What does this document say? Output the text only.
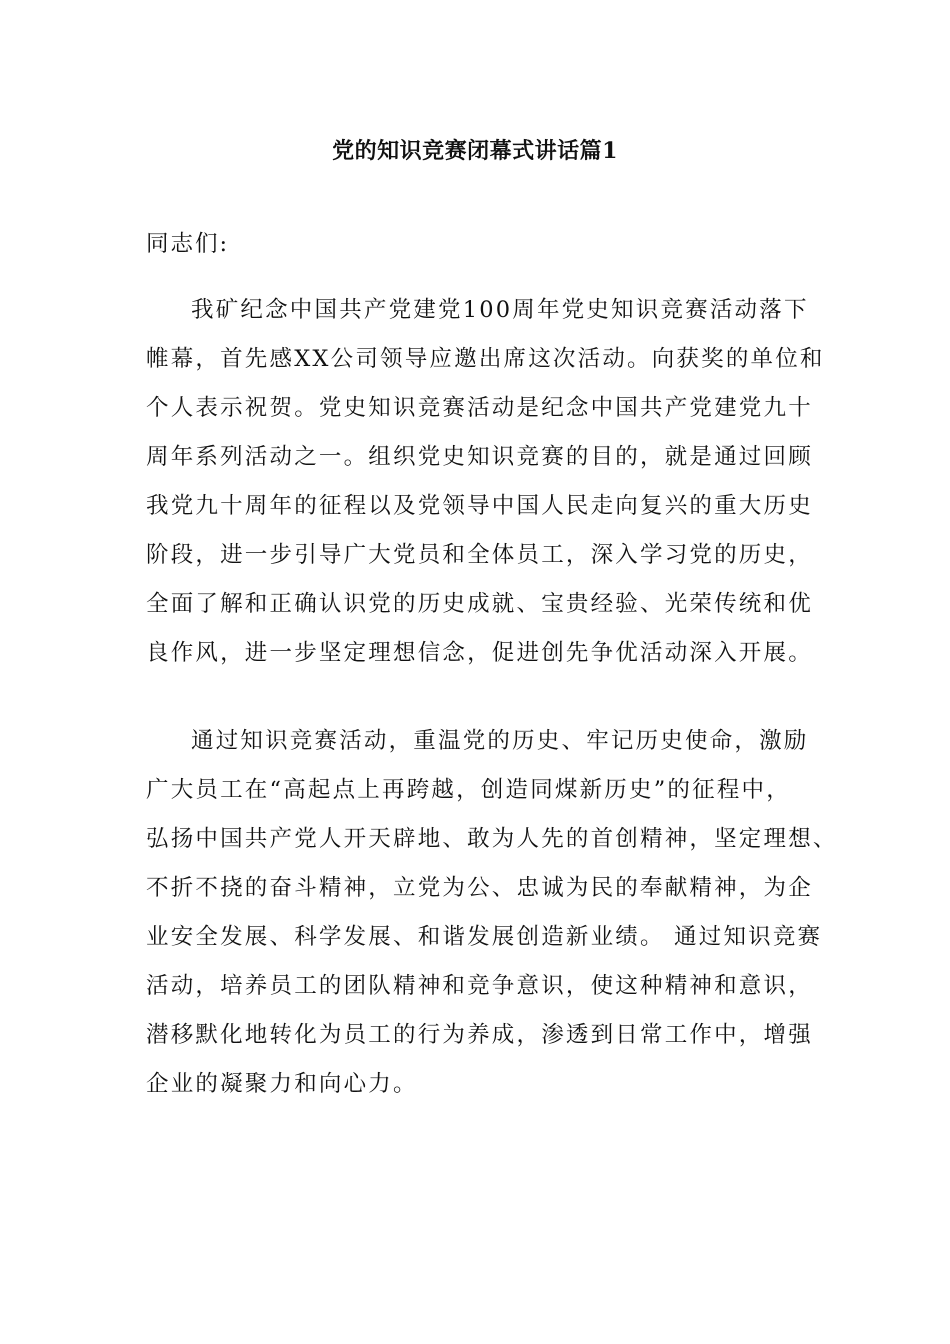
党的知识竞赛闭幕式讲话篇1
同志们:
我矿纪念中国共产党建党100周年党史知识竞赛活动落下
帷幕，首先感XX公司领导应邀出席这次活动。向获奖的单位和
个人表示祝贺。党史知识竞赛活动是纪念中国共产党建党九十
周年系列活动之一。组织党史知识竞赛的目的，就是通过回顾
我党九十周年的征程以及党领导中国人民走向复兴的重大历史
阶段，进一步引导广大党员和全体员工，深入学习党的历史，
全面了解和正确认识党的历史成就、宝贵经验、光荣传统和优
良作风，进一步坚定理想信念，促进创先争优活动深入开展。
通过知识竞赛活动，重温党的历史、牢记历史使命，激励
广大员工在“高起点上再跨越，创造同煤新历史”的征程中，
弘扬中国共产党人开天辟地、敢为人先的首创精神，坚定理想、
不折不挠的奋斗精神，立党为公、忠诚为民的奉献精神，为企
业安全发展、科学发展、和谐发展创造新业绩。 通过知识竞赛
活动，培养员工的团队精神和竞争意识，使这种精神和意识，
潜移默化地转化为员工的行为养成，渗透到日常工作中，增强
企业的凝聚力和向心力。
